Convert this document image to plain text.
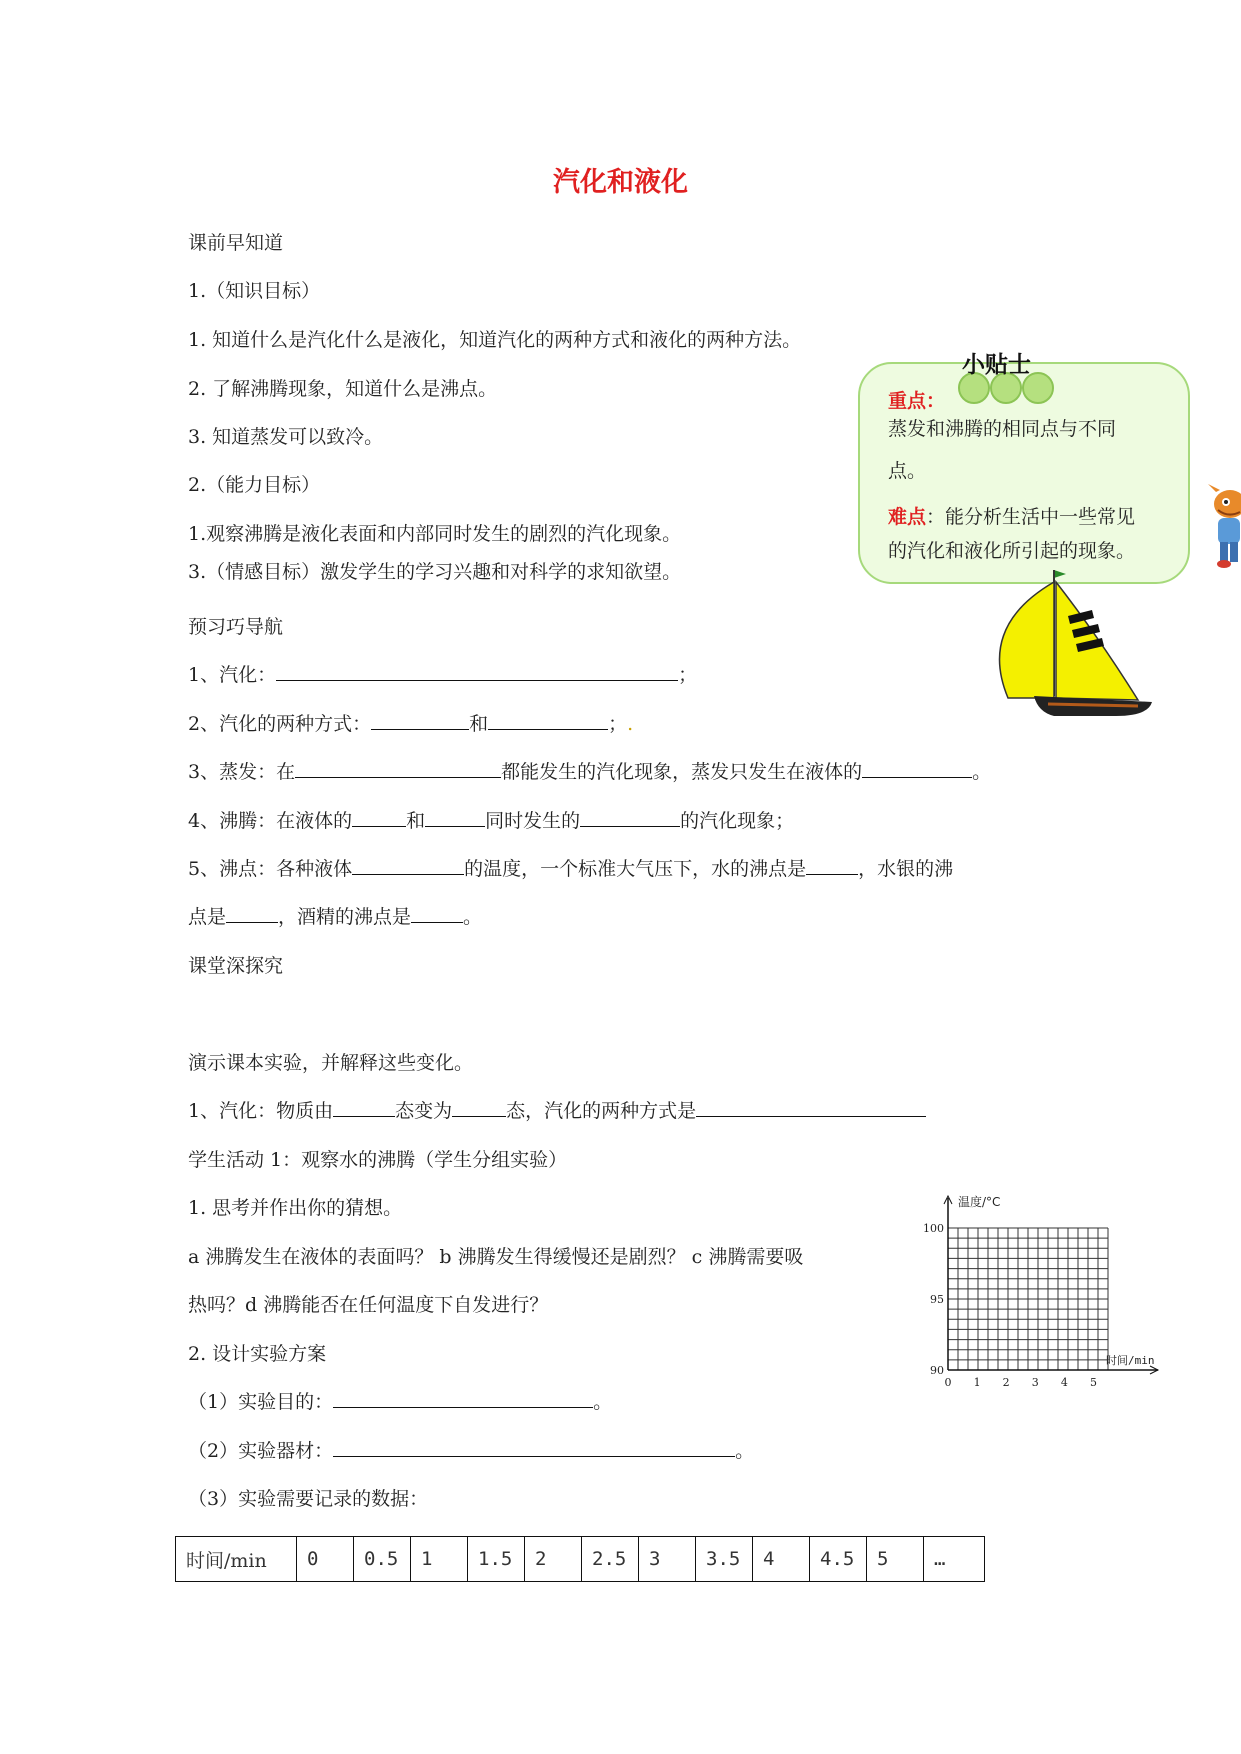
汽化和液化
课前早知道
1.（知识目标）
1. 知道什么是汽化什么是液化，知道汽化的两种方式和液化的两种方法。
2. 了解沸腾现象，知道什么是沸点。
3. 知道蒸发可以致冷。
2.（能力目标）
1.观察沸腾是液化表面和内部同时发生的剧烈的汽化现象。
3.（情感目标）激发学生的学习兴趣和对科学的求知欲望。
小贴士
重点：
蒸发和沸腾的相同点与不同
点。
难点：能分析生活中一些常见
的汽化和液化所引起的现象。
预习巧导航
1、汽化：	；
2、汽化的两种方式：	和	；.
3、蒸发：在	都能发生的汽化现象，蒸发只发生在液体的	。
4、沸腾：在液体的	和	同时发生的	的汽化现象；
5、沸点：各种液体	的温度，一个标准大气压下，水的沸点是	，水银的沸
点是	，酒精的沸点是	。
课堂深探究
演示课本实验，并解释这些变化。
1、汽化：物质由	态变为	态，汽化的两种方式是
学生活动 1：观察水的沸腾（学生分组实验）
1. 思考并作出你的猜想。
a 沸腾发生在液体的表面吗？ b 沸腾发生得缓慢还是剧烈？ c 沸腾需要吸
热吗？d 沸腾能否在任何温度下自发进行？
2. 设计实验方案
（1）实验目的：	。
（2）实验器材：	。
（3）实验需要记录的数据：
温度/°C
时间/min
100
95
90
0 1 2 3 4 5
时间/min	0	0.5	1	1.5	2	2.5	3	3.5	4	4.5	5	…
